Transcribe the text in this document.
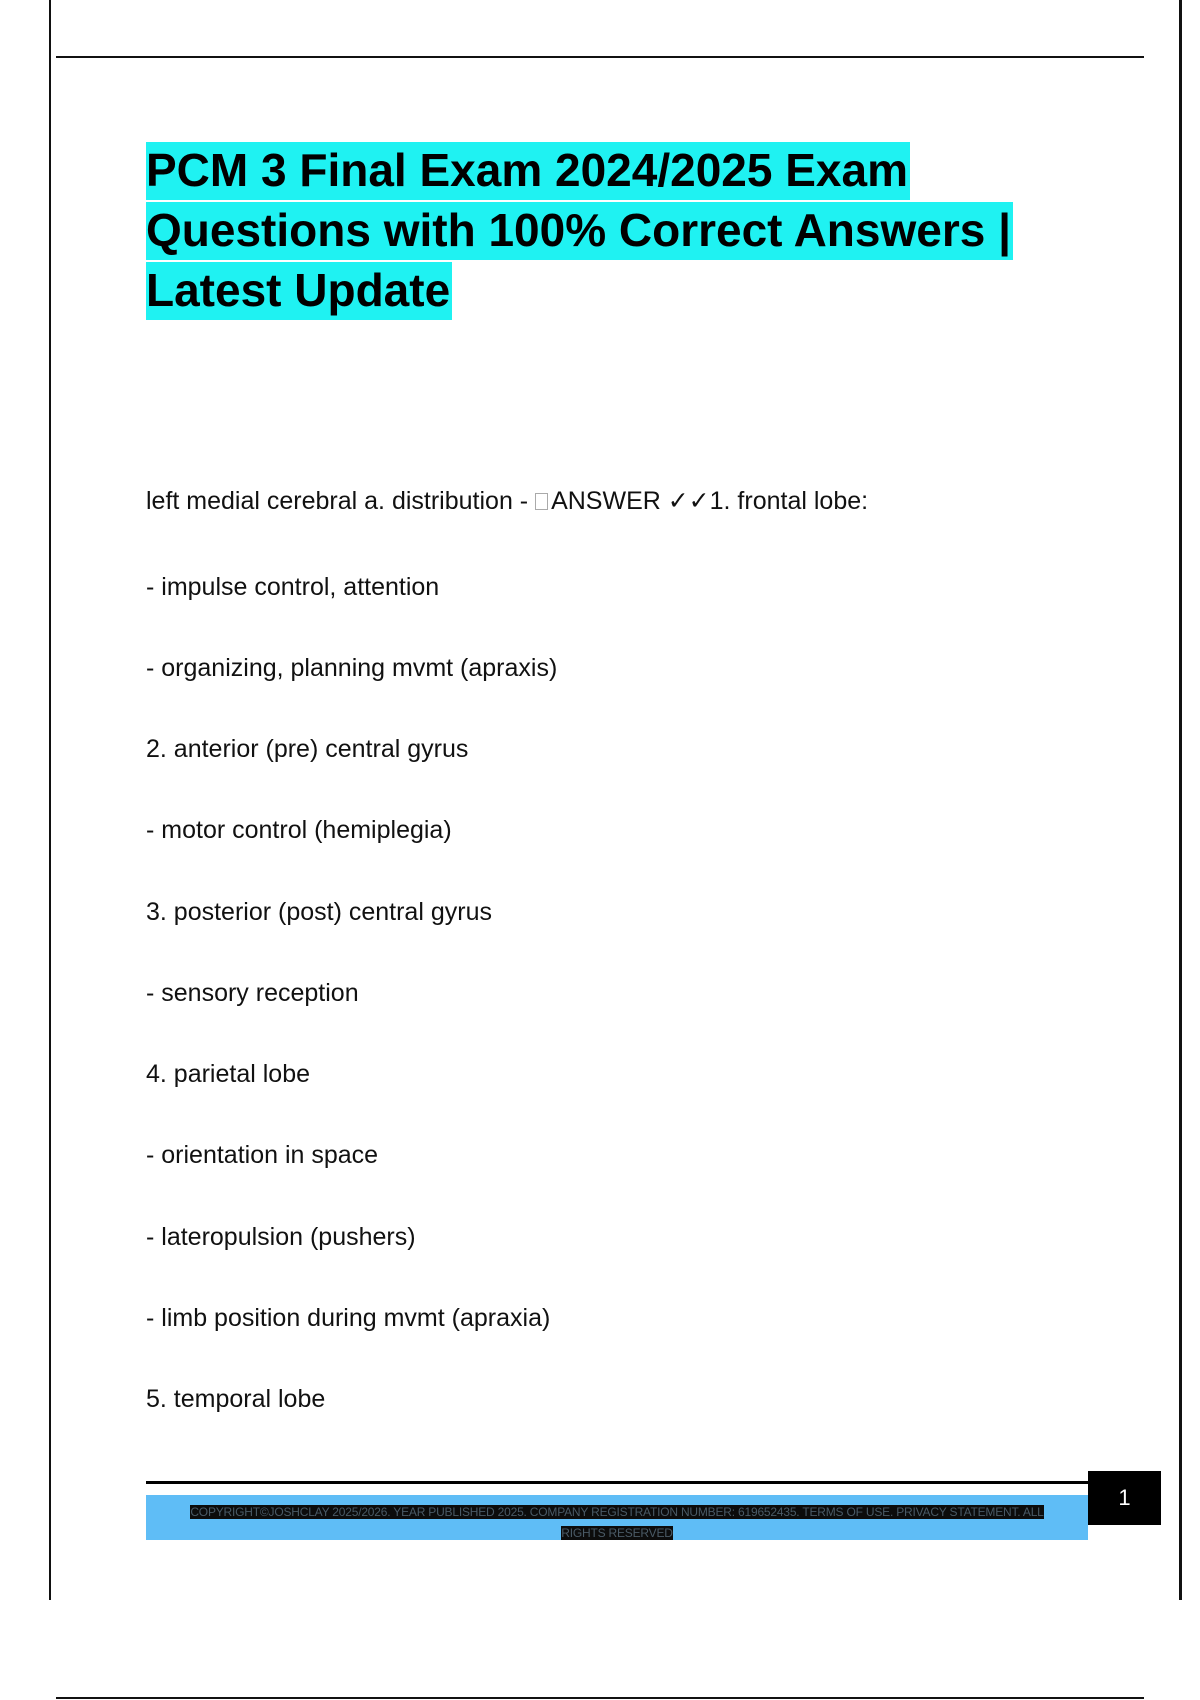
PCM 3 Final Exam 2024/2025 Exam Questions with 100% Correct Answers | Latest Update
left medial cerebral a. distribution - ANSWER ✓✓1. frontal lobe:
- impulse control, attention
- organizing, planning mvmt (apraxis)
2. anterior (pre) central gyrus
- motor control (hemiplegia)
3. posterior (post) central gyrus
- sensory reception
4. parietal lobe
- orientation in space
- lateropulsion (pushers)
- limb position during mvmt (apraxia)
5. temporal lobe
COPYRIGHT©JOSHCLAY 2025/2026. YEAR PUBLISHED 2025. COMPANY REGISTRATION NUMBER: 619652435. TERMS OF USE. PRIVACY STATEMENT. ALL RIGHTS RESERVED
1
